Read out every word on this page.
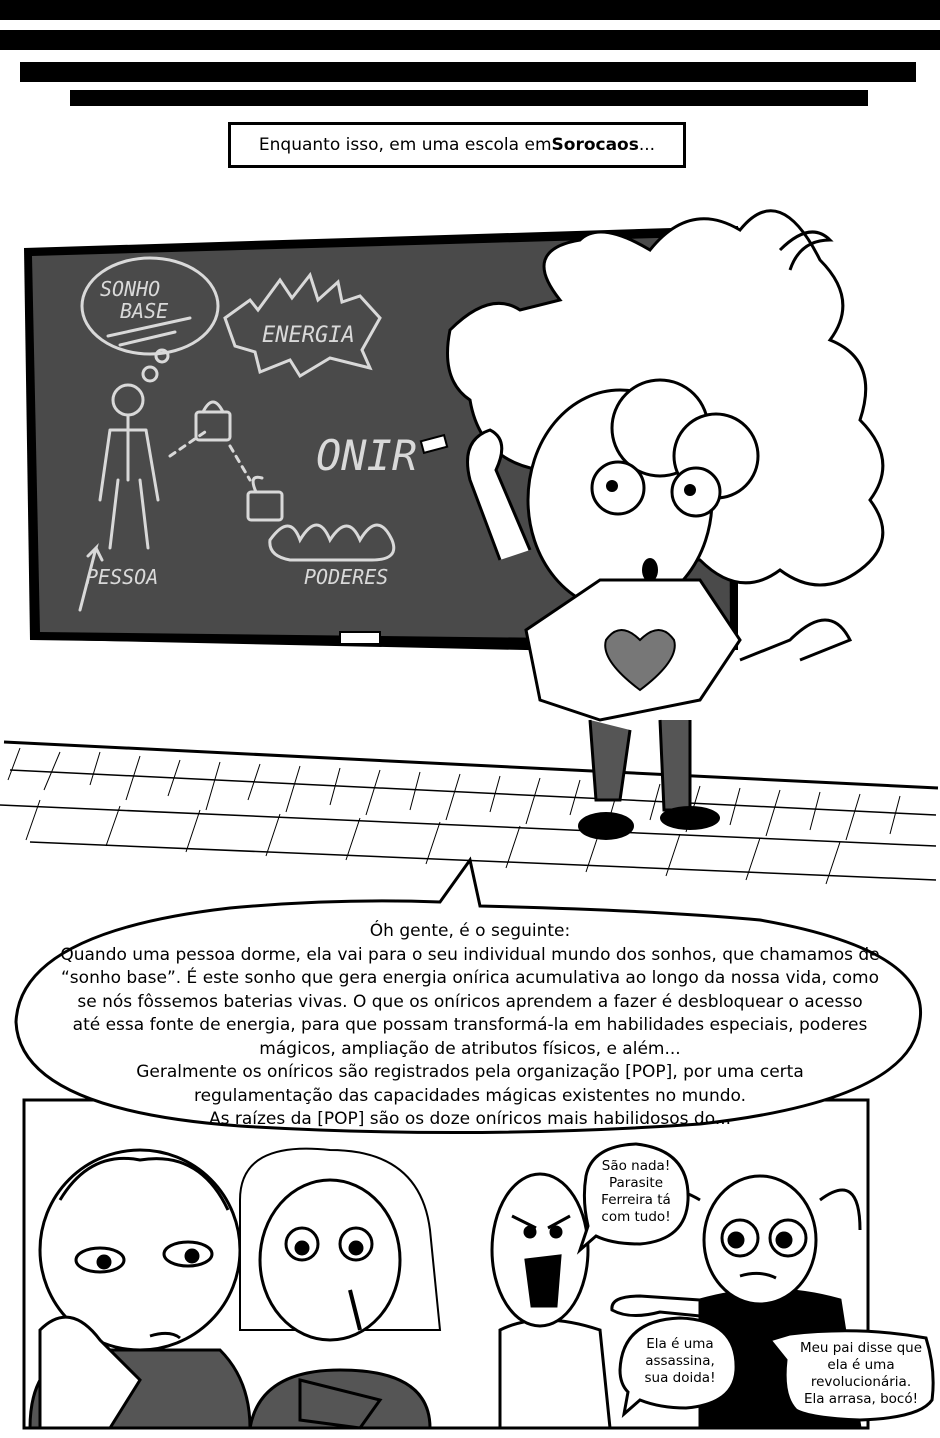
Enquanto isso, em uma escola em Sorocaos ...
SONHO
BASE
ENERGIA
ONIR
PESSOA	PODERES
Óh gente, é o seguinte:
Quando uma pessoa dorme, ela vai para o seu individual mundo dos sonhos, que chamamos de
“sonho base”. É este sonho que gera energia onírica acumulativa ao longo da nossa vida, como
se nós fôssemos baterias vivas. O que os oníricos aprendem a fazer é desbloquear o acesso
até essa fonte de energia, para que possam transformá-la em habilidades especiais, poderes
mágicos, ampliação de atributos físicos, e além...
Geralmente os oníricos são registrados pela organização [POP], por uma certa
regulamentação das capacidades mágicas existentes no mundo.
As raízes da [POP] são os doze oníricos mais habilidosos do...
São nada!
Parasite
Ferreira tá
com tudo!
Ela é uma
assassina,
sua doida!
Meu pai disse que
ela é uma
revolucionária.
Ela arrasa, bocó!
